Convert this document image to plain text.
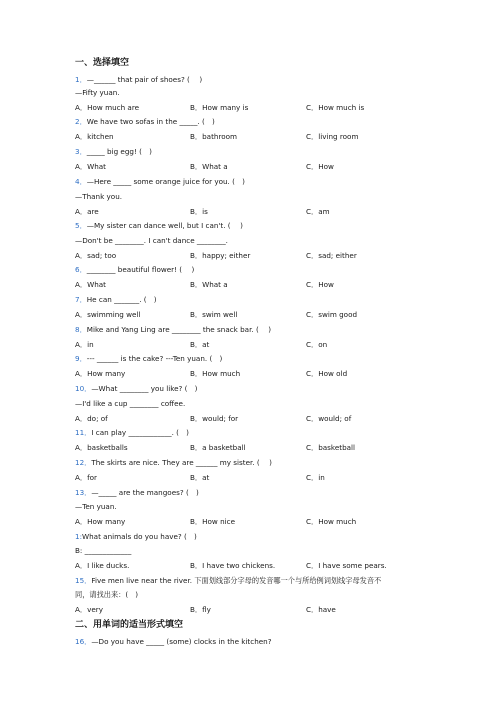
一、选择填空
1．—______ that pair of shoes? (　 )
—Fifty yuan.
A．How much are	B．How many is	C．How much is
2．We have two sofas in the _____. (　)
A．kitchen	B．bathroom	C．living room
3．_____ big egg! (　)
A．What	B．What a	C．How
4．—Here _____ some orange juice for you. (　)
—Thank you.
A．are	B．is	C．am
5．—My sister can dance well, but I can't. (　 )
—Don't be ________. I can't dance ________.
A．sad; too	B．happy; either	C．sad; either
6．________ beautiful flower! (　 )
A．What	B．What a	C．How
7．He can _______. (　)
A．swimming well	B．swim well	C．swim good
8．Mike and Yang Ling are ________ the snack bar. (　 )
A．in	B．at	C．on
9．--- ______ is the cake? ---Ten yuan. (　)
A．How many	B．How much	C．How old
10．—What ________ you like? (　)
—I'd like a cup ________ coffee.
A．do; of	B．would; for	C．would; of
11．I can play ____________. (　)
A．basketballs	B．a basketball	C．basketball
12．The skirts are nice. They are ______ my sister. (　 )
A．for	B．at	C．in
13．—_____ are the mangoes? (　)
—Ten yuan.
A．How many	B．How nice	C．How much
1:What animals do you have? (　)
B: _____________
A．I like ducks.	B．I have two chickens.	C．I have some pears.
15．Five men live near the river. 下面划线部分字母的发音哪一个与所给例词划线字母发音不
同，请找出来：(　)
A．very	B．fly	C．have
二、用单词的适当形式填空
16．—Do you have _____ (some) clocks in the kitchen?
